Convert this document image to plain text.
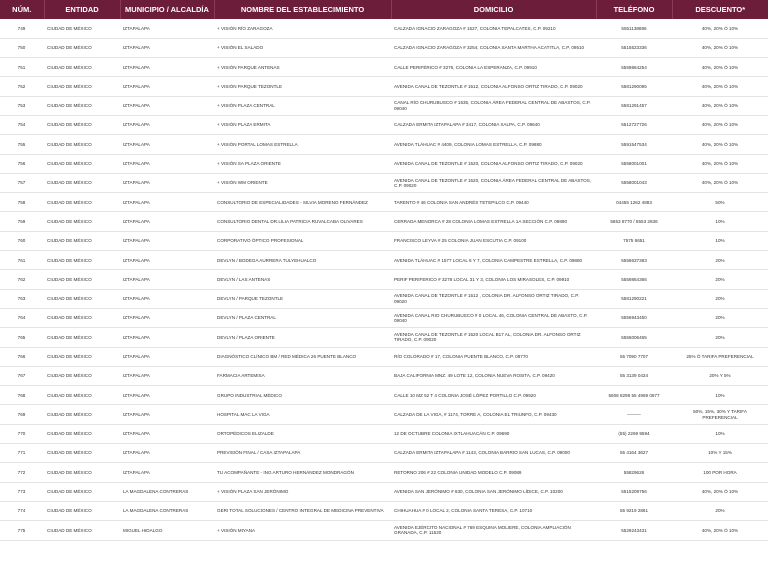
NÚM.	ENTIDAD	MUNICIPIO / ALCALDÍA	NOMBRE DEL ESTABLECIMIENTO	DOMICILIO	TELÉFONO	DESCUENTO*
749	CIUDAD DE MÉXICO	IZTAPALAPA	+ VISIÓN RÍO ZARAGOZA	CALZADA IGNACIO ZARAGOZA # 1527, COLONIA TEPALCATES, C.P. 09210	5551138886	40%, 20% Ó 10%
750	CIUDAD DE MÉXICO	IZTAPALAPA	+ VISIÓN EL SALADO	CALZADA IGNACIO ZARAGOZA # 3254, COLONIA SANTA MARTHA ACATITLA, C.P. 09510	5515523336	40%, 20% Ó 10%
751	CIUDAD DE MÉXICO	IZTAPALAPA	+ VISIÓN PARQUE ANTENAS	CALLE PERIFÉRICO # 3276, COLONIA LA ESPERANZA, C.P. 09910	5559864254	40%, 20% Ó 10%
752	CIUDAD DE MÉXICO	IZTAPALAPA	+ VISIÓN PARQUE TEZONTLE	AVENIDA CANAL DE TEZONTLE # 1512, COLONIA ALFONSO ORTIZ TIRADO, C.P. 09020	5581290095	40%, 20% Ó 10%
753	CIUDAD DE MÉXICO	IZTAPALAPA	+ VISIÓN PLAZA CENTRAL	CANAL RÍO CHURUBUSCO # 1635, COLONIA ÁREA FEDERAL CENTRAL DE ABASTOS, C.P. 09040	5581291457	40%, 20% Ó 10%
754	CIUDAD DE MÉXICO	IZTAPALAPA	+ VISIÓN PLAZA ERMITA	CALZADA ERMITA IZTAPALAPA # 3417, COLONIA XALPA, C.P. 09640	5512727726	40%, 20% Ó 10%
755	CIUDAD DE MÉXICO	IZTAPALAPA	+ VISIÓN PORTAL LOMAS ESTRELLA	AVENIDA TLÁHUAC # 4409, COLONIA LOMAS ESTRELLA, C.P. 09880	5591547534	40%, 20% Ó 10%
756	CIUDAD DE MÉXICO	IZTAPALAPA	+ VISIÓN SA PLAZA ORIENTE	AVENIDA CANAL DE TEZONTLE # 1520, COLONIA ALFONSO ORTIZ TIRADO, C.P. 09020	5558001001	40%, 20% Ó 10%
757	CIUDAD DE MÉXICO	IZTAPALAPA	+ VISIÓN WM ORIENTE	AVENIDA CANAL DE TEZONTLE # 1520, COLONIA ÁREA FEDERAL CENTRAL DE ABASTOS, C.P. 09020	5558001043	40%, 20% Ó 10%
758	CIUDAD DE MÉXICO	IZTAPALAPA	CONSULTORIO DE ESPECIALIDADES - SILVIA MORENO FERNÁNDEZ	TARENTO # 46 COLONIA SAN ANDRÉS TETEPILCO C.P. 09440	04455 1262 4883	50%
759	CIUDAD DE MÉXICO	IZTAPALAPA	CONSULTORIO DENTAL DR.LILIA PATRICIA RUVALCABA OLIVARES	CERRADA MENORCA # 28 COLONIA LOMAS ESTRELLA 1A SECCIÓN C.P. 09890	5653 8770 / 6553 2836	10%
760	CIUDAD DE MÉXICO	IZTAPALAPA	CORPORATIVO ÓPTICO PROFESIONAL	FRANCISCO LEYVA # 25 COLONIA JUAN ESCUTIA C.P. 09100	7575 6651	10%
761	CIUDAD DE MÉXICO	IZTAPALAPA	DEVLYN / BODEGA AURRERA TULYEHUALCO	AVENIDA TLÁHUAC # 1577 LOCAL 6 Y 7, COLONIA CAMPESTRE ESTRELLA, C.P. 09880	5558637383	20%
762	CIUDAD DE MÉXICO	IZTAPALAPA	DEVLYN / LAS ANTENAS	PERIF PERIFERICO # 3278 LOCAL 31 Y 3, COLONIA LOS MIRASOLES, C.P. 09910	5559864366	20%
763	CIUDAD DE MÉXICO	IZTAPALAPA	DEVLYN / PARQUE TEZONTLE	AVENIDA CANAL DE TEZONTLE # 1512 , COLONIA DR. ALFONSO ORTIZ TIRADO, C.P. 09020	5581290221	20%
764	CIUDAD DE MÉXICO	IZTAPALAPA	DEVLYN / PLAZA CENTRAL	AVENIDA CANAL RIO CHURUBUSCO # 0 LOCAL 46, COLONIA CENTRAL DE ABASTO, C.P. 09040	5556943450	20%
765	CIUDAD DE MÉXICO	IZTAPALAPA	DEVLYN / PLAZA ORIENTE	AVENIDA CANAL DE TEZONTLE # 1520 LOCAL B17 AL, COLONIA DR. ALFONSO ORTIZ TIRADO, C.P. 09020	5556006465	20%
766	CIUDAD DE MÉXICO	IZTAPALAPA	DIAGNÓSTICO CLÍNICO BM / RED MÉDICA 26 PUENTE BLANCO	RÍO COLORADO # 17, COLONIA PUENTE BLANCO, C.P. 09770	55 7090 7707	25% Ó TARIFA PREFERENCIAL
767	CIUDAD DE MÉXICO	IZTAPALAPA	FARMACIA ARTEMISA	BAJA CALIFORNIA MNZ. 49 LOTE 12, COLONIA NUEVA ROSITA, C.P. 09420	55 3139 0434	20% Y 5%
768	CIUDAD DE MÉXICO	IZTAPALAPA	GRUPO INDUSTRIAL MÉDICO	CALLE 10 MZ 52 T 4 COLONIA JOSÉ LÓPEZ PORTILLO C.P. 09920	5608 8298 55 4969 0677	10%
769	CIUDAD DE MÉXICO	IZTAPALAPA	HOSPITAL MAC LA VIGA	CALZADA DE LA VIGA, # 1174, TORRE A, COLONIA EL TRIUNFO, C.P. 09430	———	50%, 15%, 30% Y TARIFA PREFERENCIAL
770	CIUDAD DE MÉXICO	IZTAPALAPA	ORTOPÉDICOS ELIZALDE	12 DE OCTUBRE COLONIA IXTLAHUACÁN C.P. 09690	(55) 2269 9594	10%
771	CIUDAD DE MÉXICO	IZTAPALAPA	PREVISIÓN FINAL / CASA IZTAPALAPA	CALZADA ERMITA IZTAPALAPA # 1143, COLONIA BARRIO SAN LUCAS, C.P. 09000	55 4164 3627	10% Y 15%
772	CIUDAD DE MÉXICO	IZTAPALAPA	TU ACOMPAÑANTE - ING ARTURO HERNÁNDEZ MONDRAGÓN	RETORNO 206 # 22 COLONIA UNIDAD MODELO C.P. 09089	55829626	100 POR HORA
773	CIUDAD DE MÉXICO	LA MAGDALENA CONTRERAS	+ VISIÓN PLAZA SAN JERÓNIMO	AVENIDA SAN JERÓNIMO # 630, COLONIA SAN JERÓNIMO LÍDICE, C.P. 10200	5515209756	40%, 20% Ó 10%
774	CIUDAD DE MÉXICO	LA MAGDALENA CONTRERAS	GERI TOTAL SOLUCIONES / CENTRO INTEGRAL DE MEDICINA PREVENTIVA	CHIHUAHUA # 0 LOCAL 2, COLONIA SANTA TERESA, C.P. 10710	55 9219 2861	20%
775	CIUDAD DE MÉXICO	MIGUEL HIDALGO	+ VISIÓN MIYANA	AVENIDA EJÉRCITO NACIONAL # 769 ESQUINA MOLIERE, COLONIA AMPLIACIÓN GRANADA, C.P. 11520	5529243431	40%, 20% Ó 10%
